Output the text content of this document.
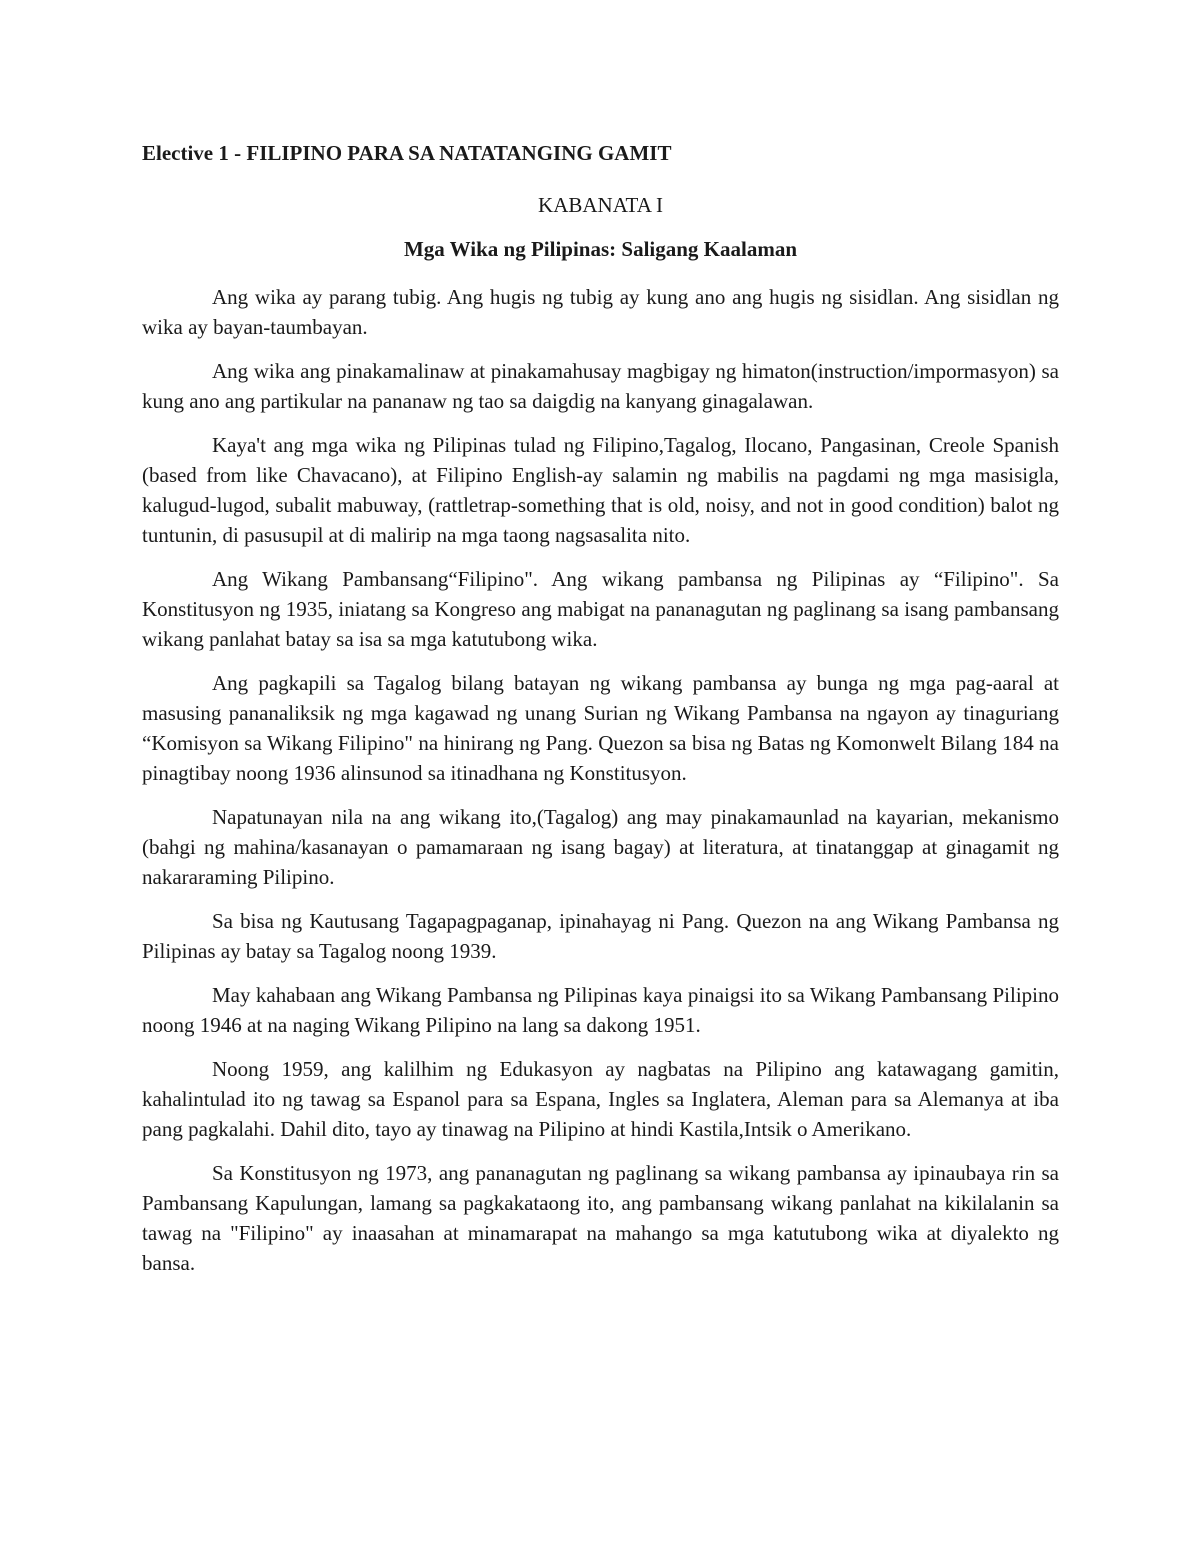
Elective 1 - FILIPINO PARA SA NATATANGING GAMIT
KABANATA I
Mga Wika ng Pilipinas: Saligang Kaalaman

Ang wika ay parang tubig. Ang hugis ng tubig ay kung ano ang hugis ng sisidlan. Ang sisidlan ng wika ay bayan-taumbayan.

Ang wika ang pinakamalinaw at pinakamahusay magbigay ng himaton(instruction/impormasyon) sa kung ano ang partikular na pananaw ng tao sa daigdig na kanyang ginagalawan.

Kaya't ang mga wika ng Pilipinas tulad ng Filipino,Tagalog, Ilocano, Pangasinan, Creole Spanish (based from like Chavacano), at Filipino English-ay salamin ng mabilis na pagdami ng mga masisigla, kalugud-lugod, subalit mabuway, (rattletrap-something that is old, noisy, and not in good condition) balot ng tuntunin, di pasusupil at di malirip na mga taong nagsasalita nito.

Ang Wikang Pambansang“Filipino". Ang wikang pambansa ng Pilipinas ay “Filipino". Sa Konstitusyon ng 1935, iniatang sa Kongreso ang mabigat na pananagutan ng paglinang sa isang pambansang wikang panlahat batay sa isa sa mga katutubong wika.

Ang pagkapili sa Tagalog bilang batayan ng wikang pambansa ay bunga ng mga pag-aaral at masusing pananaliksik ng mga kagawad ng unang Surian ng Wikang Pambansa na ngayon ay tinaguriang “Komisyon sa Wikang Filipino" na hinirang ng Pang. Quezon sa bisa ng Batas ng Komonwelt Bilang 184 na pinagtibay noong 1936 alinsunod sa itinadhana ng Konstitusyon.

Napatunayan nila na ang wikang ito,(Tagalog) ang may pinakamaunlad na kayarian, mekanismo (bahgi ng mahina/kasanayan o pamamaraan ng isang bagay) at literatura, at tinatanggap at ginagamit ng nakararaming Pilipino.

Sa bisa ng Kautusang Tagapagpaganap, ipinahayag ni Pang. Quezon na ang Wikang Pambansa ng Pilipinas ay batay sa Tagalog noong 1939.

May kahabaan ang Wikang Pambansa ng Pilipinas kaya pinaigsi ito sa Wikang Pambansang Pilipino noong 1946 at na naging Wikang Pilipino na lang sa dakong 1951.

Noong 1959, ang kalilhim ng Edukasyon ay nagbatas na Pilipino ang katawagang gamitin, kahalintulad ito ng tawag sa Espanol para sa Espana, Ingles sa Inglatera, Aleman para sa Alemanya at iba pang pagkalahi. Dahil dito, tayo ay tinawag na Pilipino at hindi Kastila,Intsik o Amerikano.

Sa Konstitusyon ng 1973, ang pananagutan ng paglinang sa wikang pambansa ay ipinaubaya rin sa Pambansang Kapulungan, lamang sa pagkakataong ito, ang pambansang wikang panlahat na kikilalanin sa tawag na "Filipino" ay inaasahan at minamarapat na mahango sa mga katutubong wika at diyalekto ng bansa.
